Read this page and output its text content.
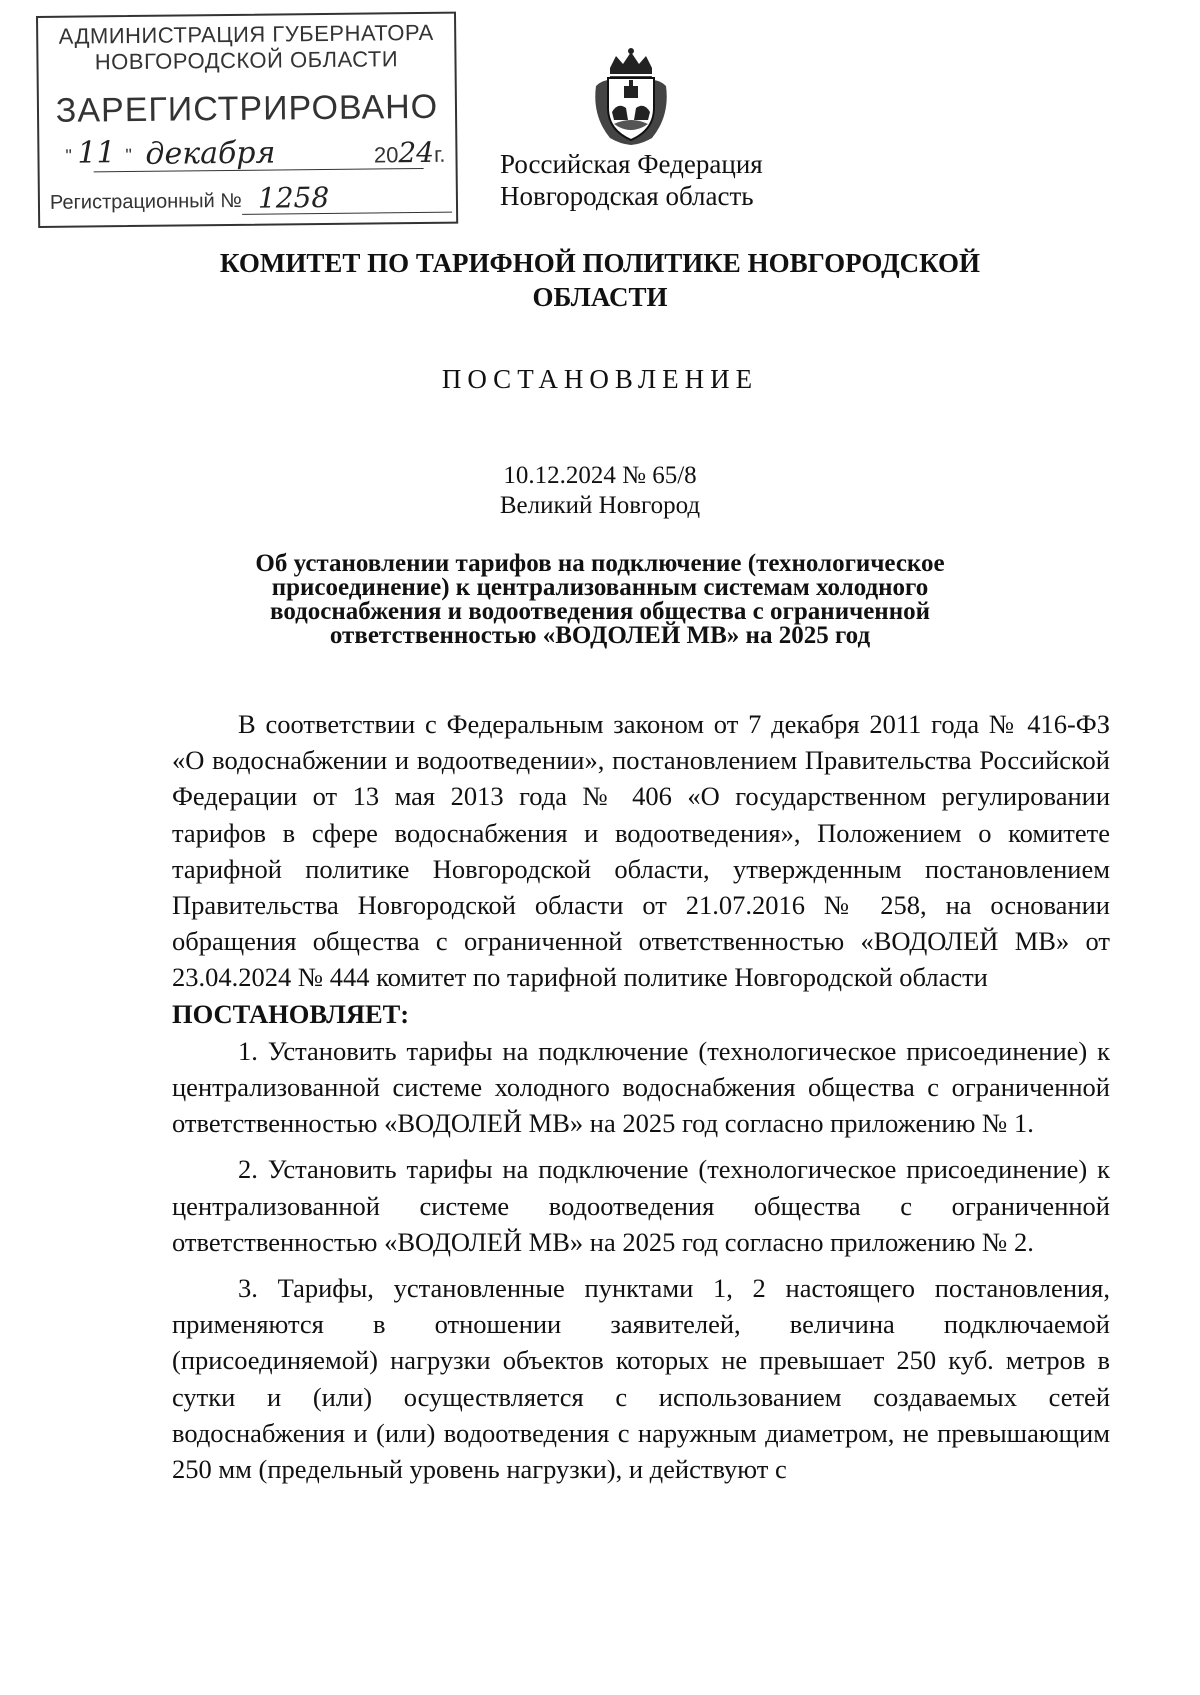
АДМИНИСТРАЦИЯ ГУБЕРНАТОРА
НОВГОРОДСКОЙ ОБЛАСТИ
ЗАРЕГИСТРИРОВАНО
" 11 " декабря	2024г.
Регистрационный № 1258
Российская Федерация
Новгородская область
КОМИТЕТ ПО ТАРИФНОЙ ПОЛИТИКЕ НОВГОРОДСКОЙ ОБЛАСТИ
ПОСТАНОВЛЕНИЕ
10.12.2024 № 65/8
Великий Новгород
Об установлении тарифов на подключение (технологическое присоединение) к централизованным системам холодного водоснабжения и водоотведения общества с ограниченной ответственностью «ВОДОЛЕЙ МВ» на 2025 год

В соответствии с Федеральным законом от 7 декабря 2011 года № 416-ФЗ «О водоснабжении и водоотведении», постановлением Правительства Российской Федерации от 13 мая 2013 года № 406 «О государственном регулировании тарифов в сфере водоснабжения и водоотведения», Положением о комитете тарифной политике Новгородской области, утвержденным постановлением Правительства Новгородской области от 21.07.2016 № 258, на основании обращения общества с ограниченной ответственностью «ВОДОЛЕЙ МВ» от 23.04.2024 № 444 комитет по тарифной политике Новгородской области

ПОСТАНОВЛЯЕТ:

1. Установить тарифы на подключение (технологическое присоединение) к централизованной системе холодного водоснабжения общества с ограниченной ответственностью «ВОДОЛЕЙ МВ» на 2025 год согласно приложению № 1.

2. Установить тарифы на подключение (технологическое присоединение) к централизованной системе водоотведения общества с ограниченной ответственностью «ВОДОЛЕЙ МВ» на 2025 год согласно приложению № 2.

3. Тарифы, установленные пунктами 1, 2 настоящего постановления, применяются в отношении заявителей, величина подключаемой (присоединяемой) нагрузки объектов которых не превышает 250 куб. метров в сутки и (или) осуществляется с использованием создаваемых сетей водоснабжения и (или) водоотведения с наружным диаметром, не превышающим 250 мм (предельный уровень нагрузки), и действуют с
